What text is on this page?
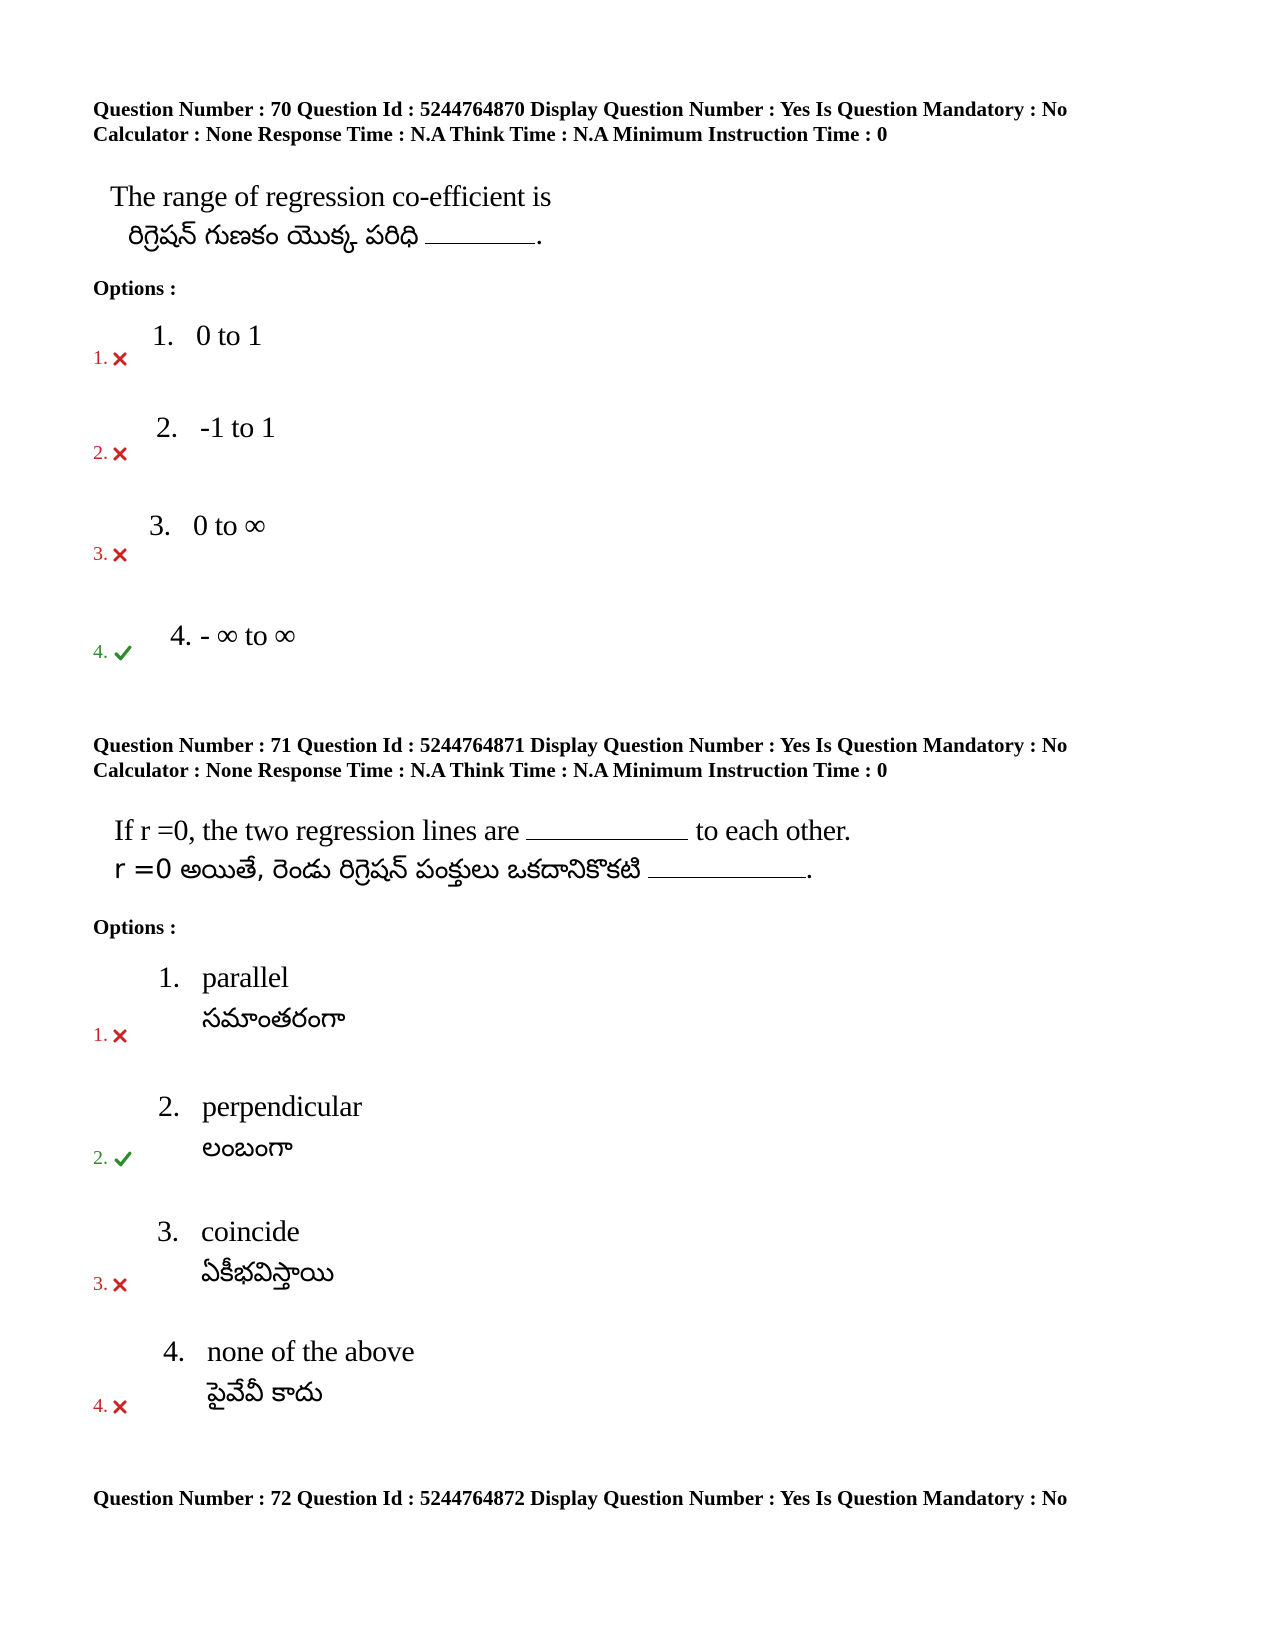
Question Number : 70 Question Id : 5244764870 Display Question Number : Yes Is Question Mandatory : No
Calculator : None Response Time : N.A Think Time : N.A Minimum Instruction Time : 0

The range of regression co-efficient is
రిగ్రెషన్ గుణకం యొక్క పరిధి	.

Options :

1.
1. 0 to 1
2.
2. -1 to 1
3.
3. 0 to ∞
4. 4. - ∞ to ∞

Question Number : 71 Question Id : 5244764871 Display Question Number : Yes Is Question Mandatory : No
Calculator : None Response Time : N.A Think Time : N.A Minimum Instruction Time : 0

If r =0, the two regression lines are	to each other.
r =0 అయితే, రెండు రిగ్రెషన్ పంక్తులు ఒకదానికొకటి	.

Options :

1.
1. parallel
సమాంతరంగా
2.
2. perpendicular
లంబంగా
3.
3. coincide
ఏకీభవిస్తాయి
4.
4. none of the above
పైవేవీ కాదు

Question Number : 72 Question Id : 5244764872 Display Question Number : Yes Is Question Mandatory : No
